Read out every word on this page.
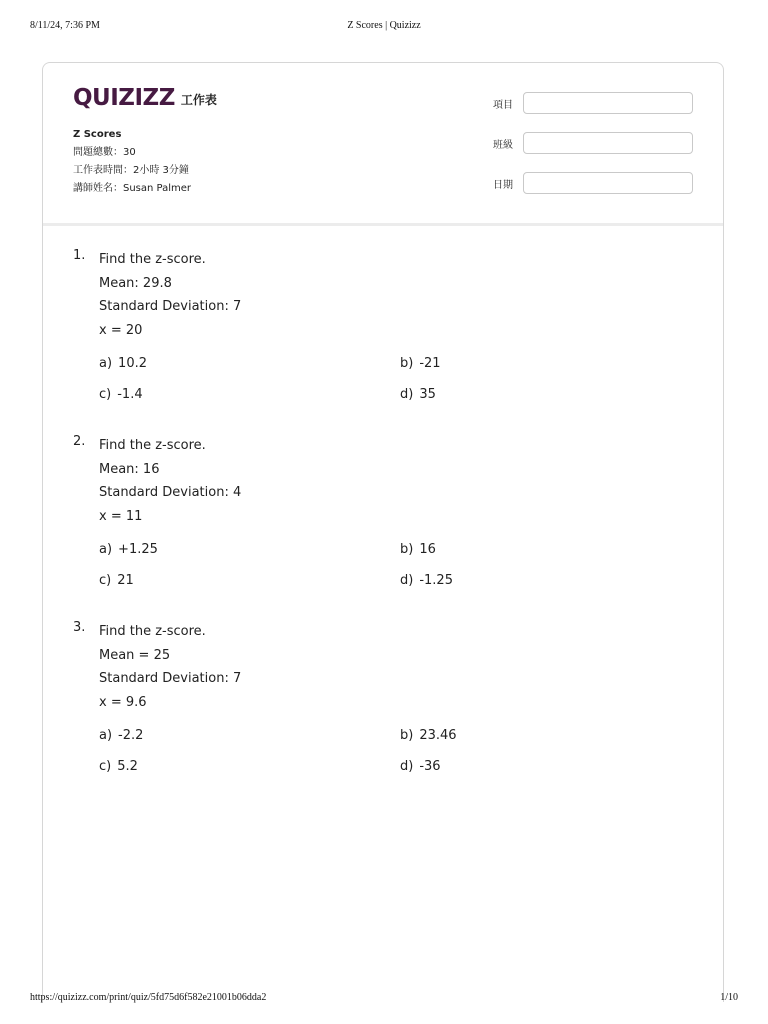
8/11/24, 7:36 PM	Z Scores | Quizizz
QUIZIZZ 工作表
Z Scores
問題總數：30
工作表時間：2小時 3分鐘
講師姓名：Susan Palmer
項目
班級
日期
1. Find the z-score.
Mean: 29.8
Standard Deviation: 7
x = 20
a) 10.2	b) -21
c) -1.4	d) 35
2. Find the z-score.
Mean: 16
Standard Deviation: 4
x = 11
a) +1.25	b) 16
c) 21	d) -1.25
3. Find the z-score.
Mean = 25
Standard Deviation: 7
x = 9.6
a) -2.2	b) 23.46
c) 5.2	d) -36
https://quizizz.com/print/quiz/5fd75d6f582e21001b06dda2	1/10
